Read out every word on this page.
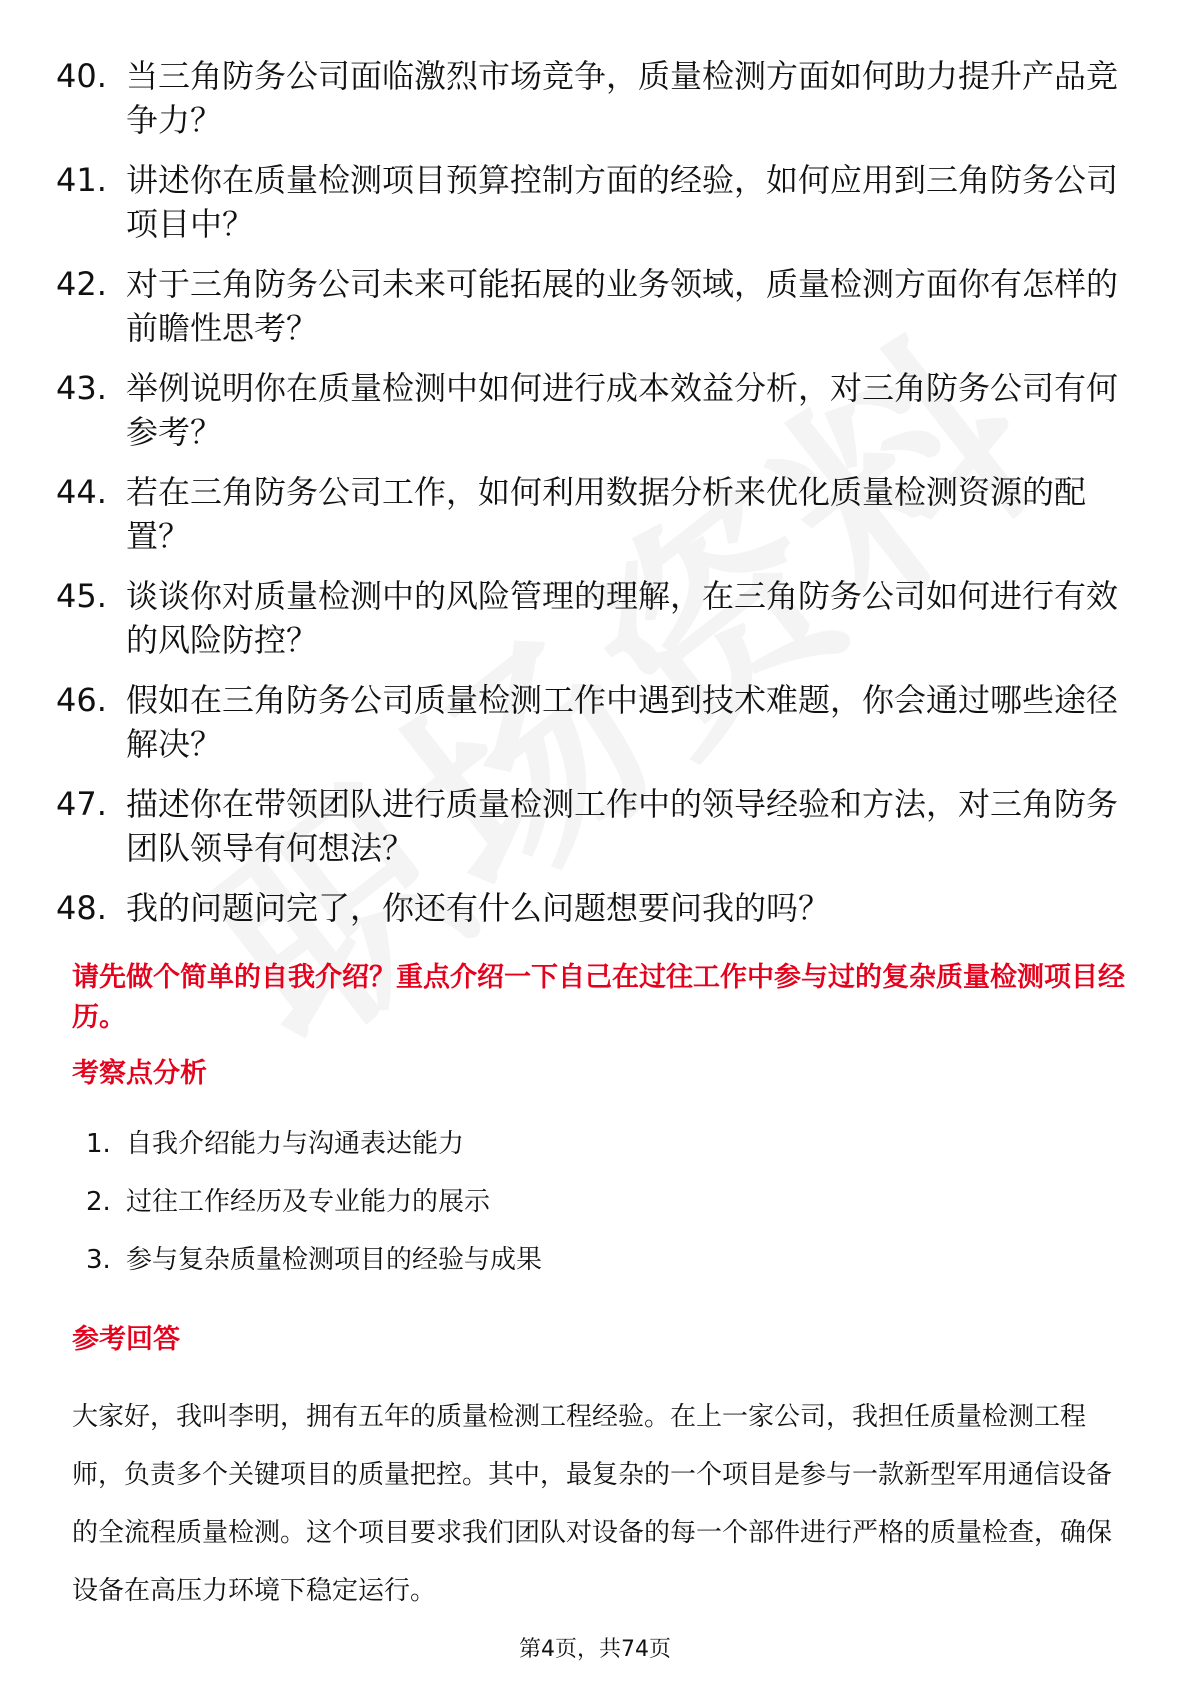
40. 当三角防务公司面临激烈市场竞争，质量检测方面如何助力提升产品竞争力？
41. 讲述你在质量检测项目预算控制方面的经验，如何应用到三角防务公司项目中？
42. 对于三角防务公司未来可能拓展的业务领域，质量检测方面你有怎样的前瞻性思考？
43. 举例说明你在质量检测中如何进行成本效益分析，对三角防务公司有何参考？
44. 若在三角防务公司工作，如何利用数据分析来优化质量检测资源的配置？
45. 谈谈你对质量检测中的风险管理的理解，在三角防务公司如何进行有效的风险防控？
46. 假如在三角防务公司质量检测工作中遇到技术难题，你会通过哪些途径解决？
47. 描述你在带领团队进行质量检测工作中的领导经验和方法，对三角防务团队领导有何想法？
48. 我的问题问完了，你还有什么问题想要问我的吗？
请先做个简单的自我介绍？重点介绍一下自己在过往工作中参与过的复杂质量检测项目经历。
考察点分析
1. 自我介绍能力与沟通表达能力
2. 过往工作经历及专业能力的展示
3. 参与复杂质量检测项目的经验与成果
参考回答

大家好，我叫李明，拥有五年的质量检测工程经验。在上一家公司，我担任质量检测工程师，负责多个关键项目的质量把控。其中，最复杂的一个项目是参与一款新型军用通信设备的全流程质量检测。这个项目要求我们团队对设备的每一个部件进行严格的质量检查，确保设备在高压力环境下稳定运行。

第4页，共74页
